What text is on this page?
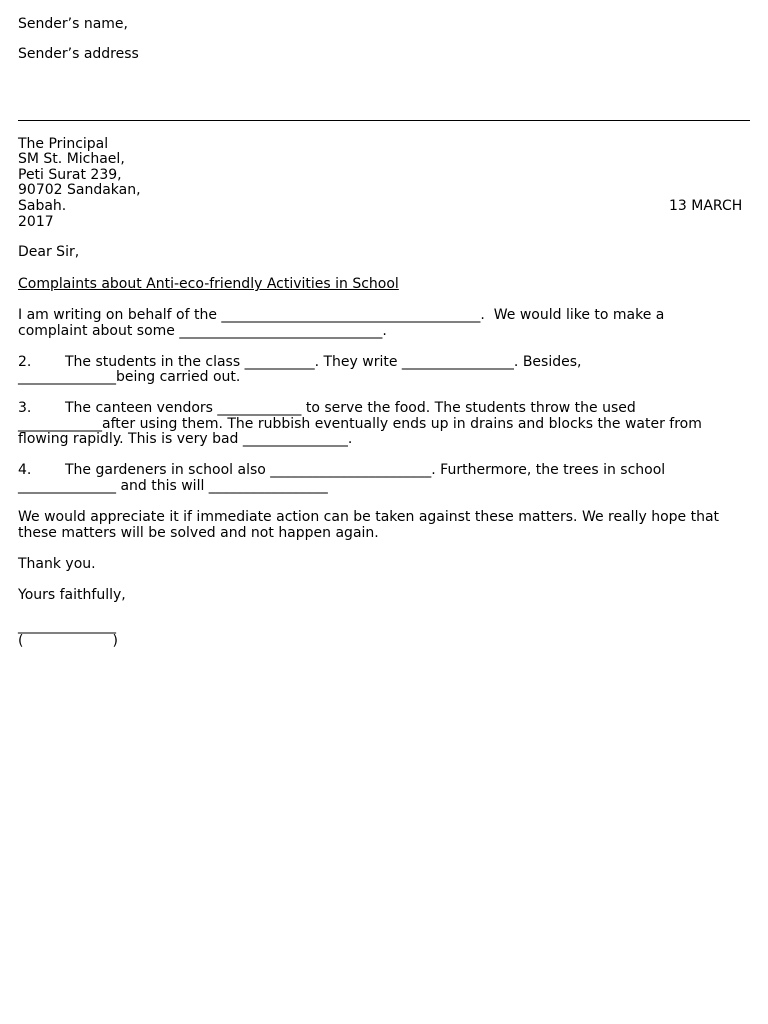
Sender’s name,
Sender’s address
The Principal
SM St. Michael,
Peti Surat 239,
90702 Sandakan,
Sabah.	13 MARCH
2017
Dear Sir,
Complaints about Anti-eco-friendly Activities in School
I am writing on behalf of the _____________________________________.  We would like to make a
complaint about some _____________________________.
2. The students in the class __________. They write ________________. Besides,
______________being carried out.
3. The canteen vendors ____________ to serve the food. The students throw the used
____________after using them. The rubbish eventually ends up in drains and blocks the water from
flowing rapidly. This is very bad _______________.
4. The gardeners in school also _______________________. Furthermore, the trees in school
______________ and this will _________________
We would appreciate it if immediate action can be taken against these matters. We really hope that
these matters will be solved and not happen again.
Thank you.
Yours faithfully,
______________
(                    )
